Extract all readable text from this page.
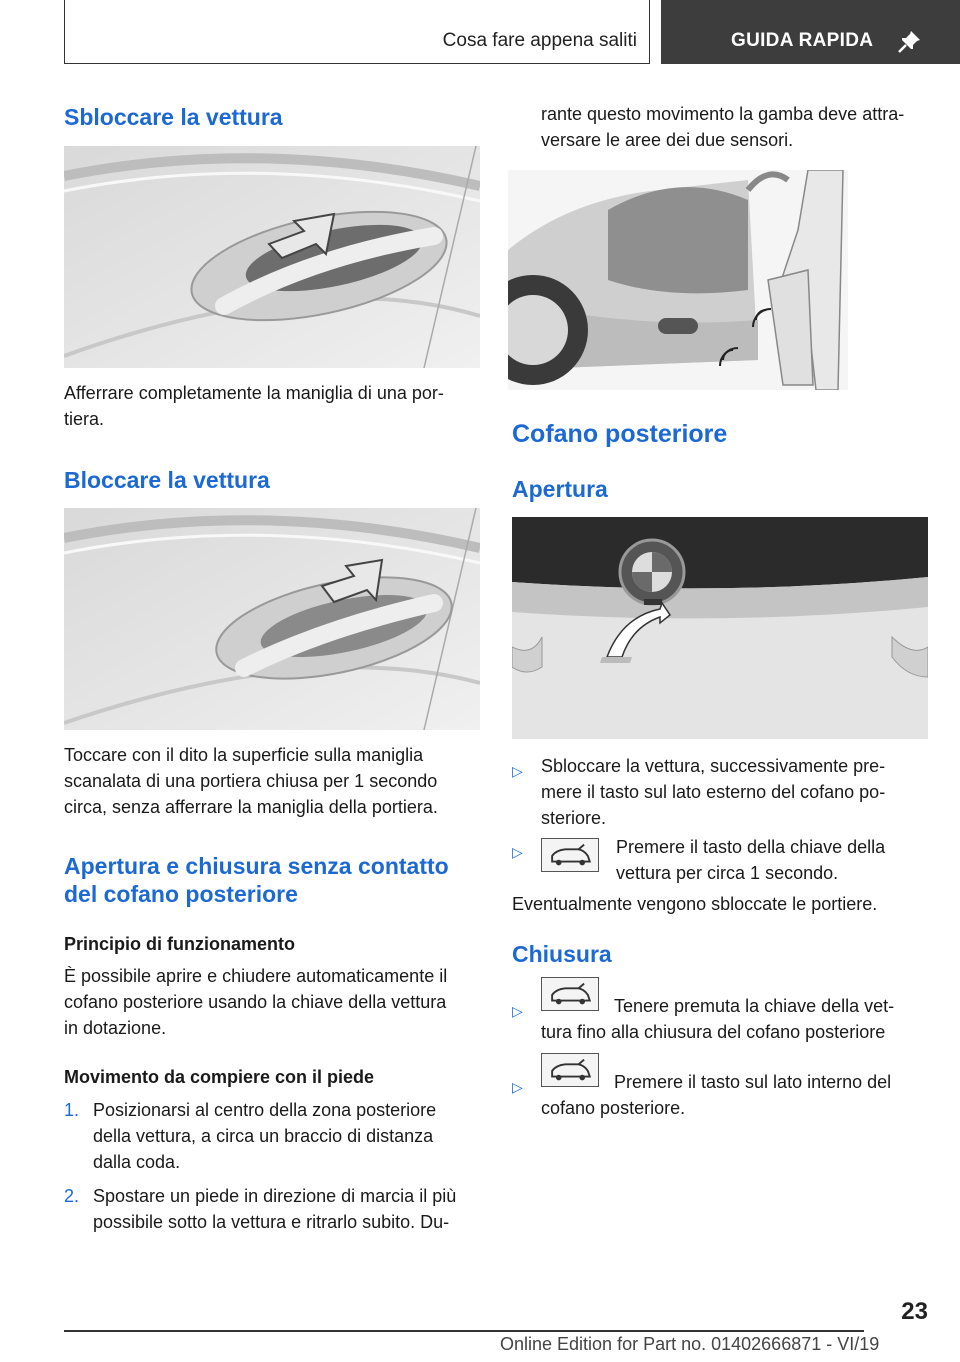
Cosa fare appena saliti	GUIDA RAPIDA
Sbloccare la vettura

Afferrare completamente la maniglia di una por-
tiera.

Bloccare la vettura

Toccare con il dito la superficie sulla maniglia
scanalata di una portiera chiusa per 1 secondo
circa, senza afferrare la maniglia della portiera.

Apertura e chiusura senza contatto
del cofano posteriore
Principio di funzionamento

È possibile aprire e chiudere automaticamente il
cofano posteriore usando la chiave della vettura
in dotazione.

Movimento da compiere con il piede
1. Posizionarsi al centro della zona posteriore
della vettura, a circa un braccio di distanza
dalla coda.
2. Spostare un piede in direzione di marcia il più
possibile sotto la vettura e ritrarlo subito. Du-

rante questo movimento la gamba deve attra-
versare le aree dei due sensori.

Cofano posteriore
Apertura
▷ Sbloccare la vettura, successivamente pre-
mere il tasto sul lato esterno del cofano po-
steriore.
▷	Premere il tasto della chiave della
vettura per circa 1 secondo.

Eventualmente vengono sbloccate le portiere.

Chiusura
▷	Tenere premuta la chiave della vet-
tura fino alla chiusura del cofano posteriore
▷	Premere il tasto sul lato interno del
cofano posteriore.
23
Online Edition for Part no. 01402666871 - VI/19
